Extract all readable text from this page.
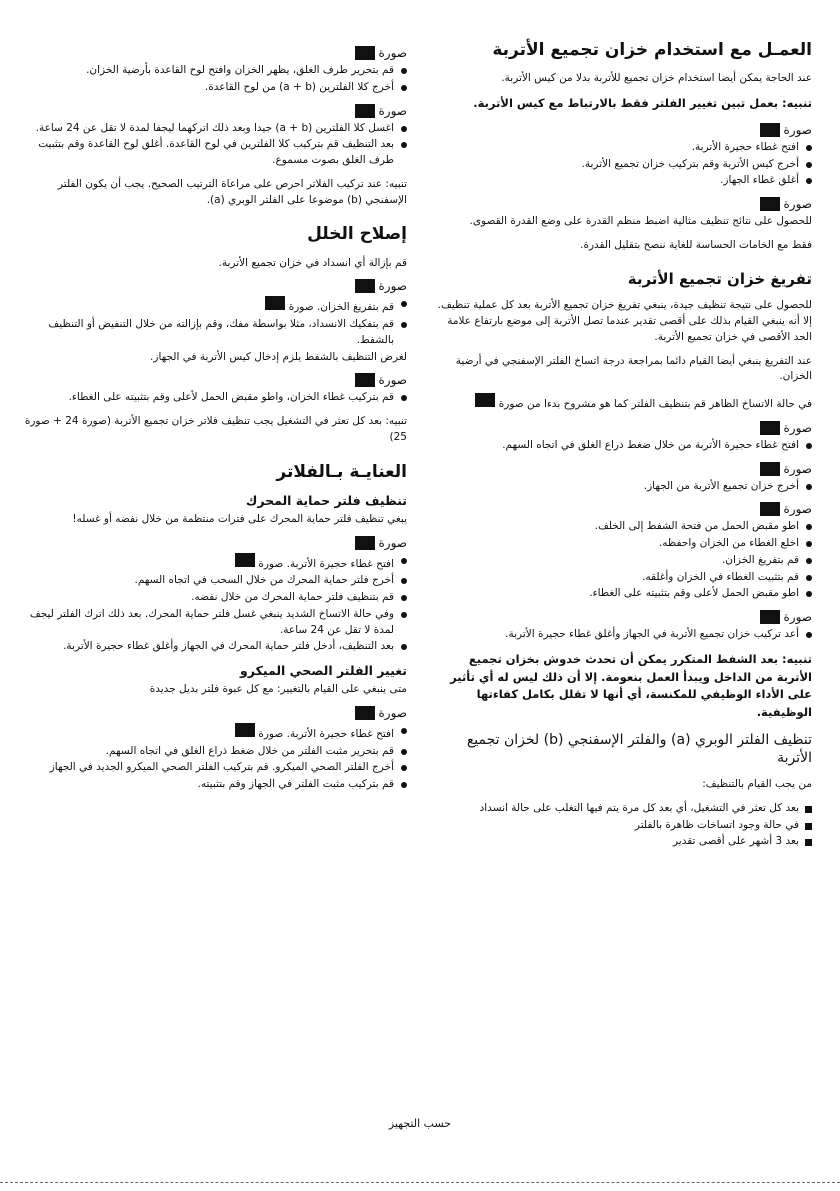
العمـل مع استخدام خزان تجميع الأتربة

عند الحاجة يمكن أيضا استخدام خزان تجميع للأتربة بدلا من كيس الأتربة.

تنبيه: بعمل تبين تغيير الفلتر فقط بالارتباط مع كيس الأتربة.
صورة
افتح غطاء حجيرة الأتربة.
أخرج كيس الأتربة وقم بتركيب خزان تجميع الأتربة.
أغلق غطاء الجهاز.
صورة

للحصول على نتائج تنظيف مثالية اضبط منظم القدرة على وضع القدرة القصوى.

فقط مع الخامات الحساسة للغاية ننصح بتقليل القدرة.

تفريغ خزان تجميع الأتربة

للحصول على نتيجة تنظيف جيدة، ينبغي تفريغ خزان تجميع الأتربة بعد كل عملية تنظيف. إلا أنه ينبغي القيام بذلك على أقصى تقدير عندما تصل الأتربة إلى موضع بارتفاع علامة الحد الأقصى في خزان تجميع الأتربة.

عند التفريغ ينبغي أيضا القيام دائما بمراجعة درجة اتساخ الفلتر الإسفنجي في أرضية الخزان.

في حالة الاتساخ الظاهر قم بتنظيف الفلتر كما هو مشروح بدءا من صورة

صورة
افتح غطاء حجيرة الأتربة من خلال ضغط ذراع الغلق في اتجاه السهم.
صورة
أخرج خزان تجميع الأتربة من الجهاز.
صورة
اطو مقبض الحمل من فتحة الشفط إلى الخلف.
اخلع الغطاء من الخزان واحفظه.
قم بتفريغ الخزان.
قم بتثبيت الغطاء في الخزان وأغلقه.
اطو مقبض الحمل لأعلى وقم بتثبيته على الغطاء.
صورة
أعد تركيب خزان تجميع الأتربة في الجهاز وأغلق غطاء حجيرة الأتربة.
تنبيه: بعد الشفط المتكرر يمكن أن تحدث خدوش بخزان تجميع الأتربة من الداخل ويبدأ العمل بنعومة. إلا أن ذلك ليس له أي تأثير على الأداء الوظيفي للمكنسة، أي أنها لا تقلل بكامل كفاءتها الوظيفية.
تنظيف الفلتر الوبري (a) والفلتر الإسفنجي (b) لخزان تجميع الأتربة

من يجب القيام بالتنظيف:

بعد كل تعثر في التشغيل، أي بعد كل مرة يتم فيها التغلب على حالة انسداد
في حالة وجود اتساخات ظاهرة بالفلتر
بعد 3 أشهر على أقصى تقدير
صورة
قم بتحرير طرف الغلق، يظهر الخزان وافتح لوح القاعدة بأرضية الخزان.
أخرج كلا الفلترين (a + b) من لوح القاعدة.
صورة
اغسل كلا الفلترين (a + b) جيدا وبعد ذلك اتركهما ليجفا لمدة لا تقل عن 24 ساعة.
بعد التنظيف قم بتركيب كلا الفلترين في لوح القاعدة. أغلق لوح القاعدة وقم بتثبيت طرف الغلق بصوت مسموع.
تنبيه: عند تركيب الفلاتر احرص على مراعاة الترتيب الصحيح. يجب أن يكون الفلتر الإسفنجي (b) موضوعا على الفلتر الوبري (a).
إصلاح الخلل

قم بإزالة أي انسداد في خزان تجميع الأتربة.

صورة
قم بتفريغ الخزان. صورة
قم بتفكيك الانسداد، مثلا بواسطة مفك، وقم بإزالته من خلال التنفيض أو التنظيف بالشفط.
لغرض التنظيف بالشفط يلزم إدخال كيس الأتربة في الجهاز.
صورة
قم بتركيب غطاء الخزان، واطو مقبض الحمل لأعلى وقم بتثبيته على الغطاء.
تنبيه: بعد كل تعثر في التشغيل يجب تنظيف فلاتر خزان تجميع الأتربة (صورة 24 + صورة 25)
العنايـة بـالفلاتر
تنظيف فلتر حماية المحرك

يبغي تنظيف فلتر حماية المحرك على فترات منتظمة من خلال نفضه أو غسله!

صورة
افتح غطاء حجيرة الأتربة. صورة
أخرج فلتر حماية المحرك من خلال السحب في اتجاه السهم.
قم بتنظيف فلتر حماية المحرك من خلال نفضه.
وفي حالة الاتساخ الشديد ينبغي غسل فلتر حماية المحرك. بعد ذلك اترك الفلتر ليجف لمدة لا تقل عن 24 ساعة.
بعد التنظيف، أدخل فلتر حماية المحرك في الجهاز وأغلق غطاء حجيرة الأتربة.
تغيير الفلتر الصحي الميكرو

متى ينبغي على القيام بالتغيير: مع كل عبوة فلتر بديل جديدة

صورة
افتح غطاء حجيرة الأتربة. صورة
قم بتحرير مثبت الفلتر من خلال ضغط ذراع الغلق في اتجاه السهم.
أخرج الفلتر الصحي الميكرو. قم بتركيب الفلتر الصحي الميكرو الجديد في الجهاز
قم بتركيب مثبت الفلتر في الجهاز وقم بتثبيته.
حسب التجهيز
